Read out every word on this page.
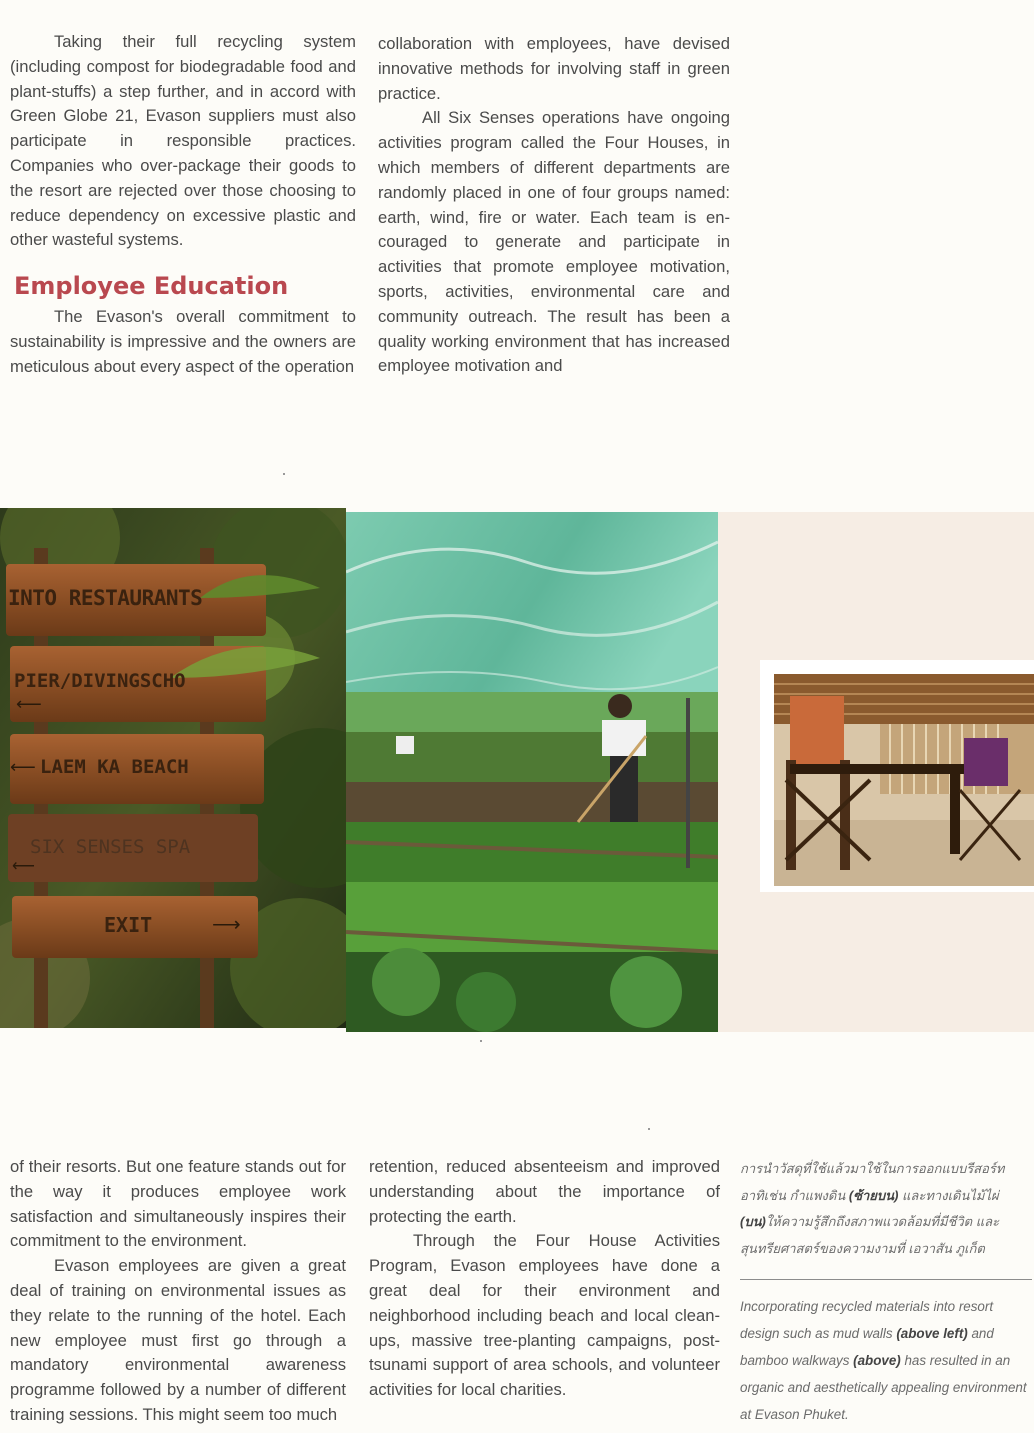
Taking their full recycling system (including compost for biodegradable food and plant-stuffs) a step further, and in accord with Green Globe 21, Evason suppliers must also participate in responsible practices. Companies who over-package their goods to the resort are rejected over those choosing to reduce dependency on excessive plastic and other wasteful systems.

Employee Education

The Evason's overall commitment to sustainability is impressive and the owners are meticulous about every aspect of the operation

collaboration with employees, have devised innovative methods for involving staff in green practice.

All Six Senses operations have ongoing activities program called the Four Houses, in which members of different departments are randomly placed in one of four groups named: earth, wind, fire or water. Each team is en-couraged to generate and participate in activities that promote employee motivation, sports, activities, environmental care and community outreach. The result has been a quality working environment that has increased employee motivation and

INTO RESTAURANTS
PIER/DIVINGSCHO
LAEM KA BEACH
SIX SENSES SPA
EXIT
⟵
⟵
⟵
⟶

of their resorts. But one feature stands out for the way it produces employee work satisfaction and simultaneously inspires their commitment to the environment.

Evason employees are given a great deal of training on environmental issues as they relate to the running of the hotel. Each new employee must first go through a mandatory environmental awareness programme followed by a number of different training sessions. This might seem too much

retention, reduced absenteeism and improved understanding about the importance of protecting the earth.

Through the Four House Activities Program, Evason employees have done a great deal for their environment and neighborhood including beach and local clean-ups, massive tree-planting campaigns, post-tsunami support of area schools, and volunteer activities for local charities.

การนำวัสดุที่ใช้แล้วมาใช้ในการออกแบบรีสอร์ท อาทิเช่น กำแพงดิน (ซ้ายบน) และทางเดินไม้ไผ่ (บน)ให้ความรู้สึกถึงสภาพแวดล้อมที่มีชีวิต และสุนทรียศาสตร์ของความงามที่ เอวาสัน ภูเก็ต
Incorporating recycled materials into resort design such as mud walls (above left) and bamboo walkways (above) has resulted in an organic and aesthetically appealing environment at Evason Phuket.
